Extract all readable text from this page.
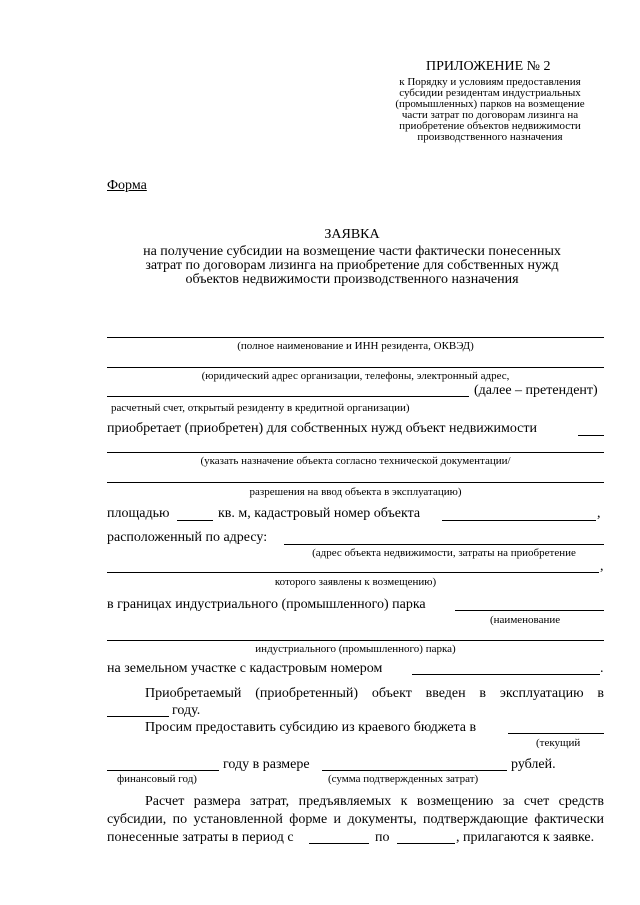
ПРИЛОЖЕНИЕ № 2
к Порядку и условиям предоставления
субсидии резидентам индустриальных
(промышленных) парков на возмещение
части затрат по договорам лизинга на
приобретение объектов недвижимости
производственного назначения
Форма
ЗАЯВКА
на получение субсидии на возмещение части фактически понесенных
затрат по договорам лизинга на приобретение для собственных нужд
объектов недвижимости производственного назначения
(полное наименование и ИНН резидента, ОКВЭД)
(юридический адрес организации, телефоны, электронный адрес,
(далее – претендент)
расчетный счет, открытый резиденту в кредитной организации)
приобретает (приобретен) для собственных нужд объект недвижимости
(указать назначение объекта согласно технической документации/
разрешения на ввод объекта в эксплуатацию)
площадью	кв. м, кадастровый номер объекта	,
расположенный по адресу:
(адрес объекта недвижимости, затраты на приобретение
,
которого заявлены к возмещению)
в границах индустриального (промышленного) парка
(наименование
индустриального (промышленного) парка)
на земельном участке с кадастровым номером	.
Приобретаемый (приобретенный) объект введен в эксплуатацию в
году.
Просим предоставить субсидию из краевого бюджета в
(текущий
году в размере	рублей.
финансовый год)	(сумма подтвержденных затрат)
Расчет размера затрат, предъявляемых к возмещению за счет средств
субсидии, по установленной форме и документы, подтверждающие фактически
понесенные затраты в период с	по	, прилагаются к заявке.
